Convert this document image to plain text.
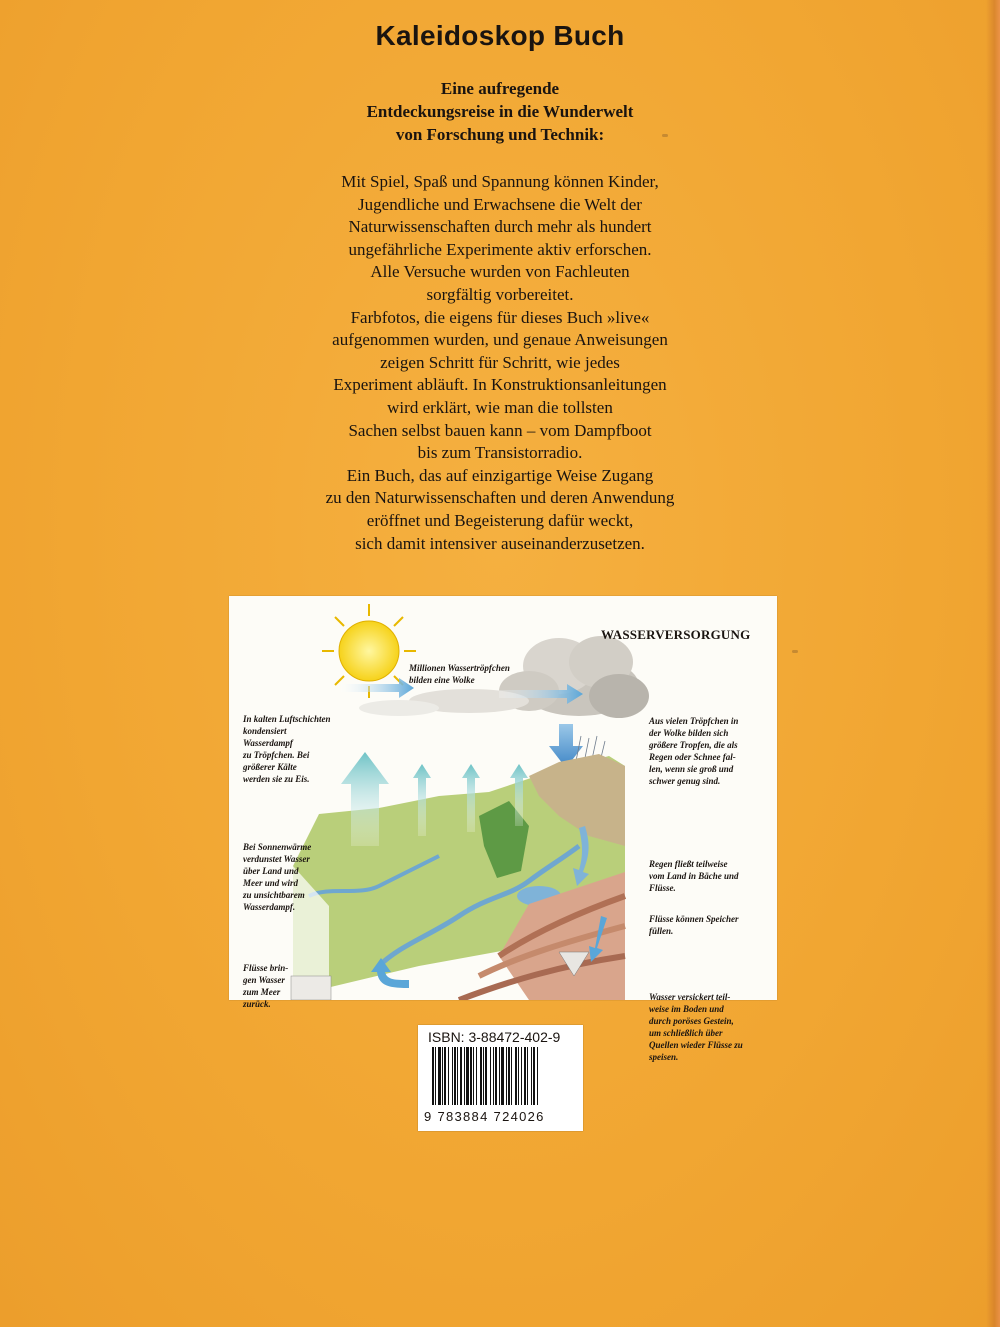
Kaleidoskop Buch
Eine aufregende
Entdeckungsreise in die Wunderwelt
von Forschung und Technik:
Mit Spiel, Spaß und Spannung können Kinder,
Jugendliche und Erwachsene die Welt der
Naturwissenschaften durch mehr als hundert
ungefährliche Experimente aktiv erforschen.
Alle Versuche wurden von Fachleuten
sorgfältig vorbereitet.
Farbfotos, die eigens für dieses Buch »live«
aufgenommen wurden, und genaue Anweisungen
zeigen Schritt für Schritt, wie jedes
Experiment abläuft. In Konstruktionsanleitungen
wird erklärt, wie man die tollsten
Sachen selbst bauen kann – vom Dampfboot
bis zum Transistorradio.
Ein Buch, das auf einzigartige Weise Zugang
zu den Naturwissenschaften und deren Anwendung
eröffnet und Begeisterung dafür weckt,
sich damit intensiver auseinanderzusetzen.
WASSERVERSORGUNG
Millionen Wassertröpfchen
bilden eine Wolke
In kalten Luftschichten
kondensiert
Wasserdampf
zu Tröpfchen. Bei
größerer Kälte
werden sie zu Eis.
Bei Sonnenwärme
verdunstet Wasser
über Land und
Meer und wird
zu unsichtbarem
Wasserdampf.
Flüsse brin-
gen Wasser
zum Meer
zurück.
Aus vielen Tröpfchen in
der Wolke bilden sich
größere Tropfen, die als
Regen oder Schnee fal-
len, wenn sie groß und
schwer genug sind.
Regen fließt teilweise
vom Land in Bäche und
Flüsse.
Flüsse können Speicher
füllen.
Wasser versickert teil-
weise im Boden und
durch poröses Gestein,
um schließlich über
Quellen wieder Flüsse zu
speisen.
ISBN: 3-88472-402-9
9 783884 724026
